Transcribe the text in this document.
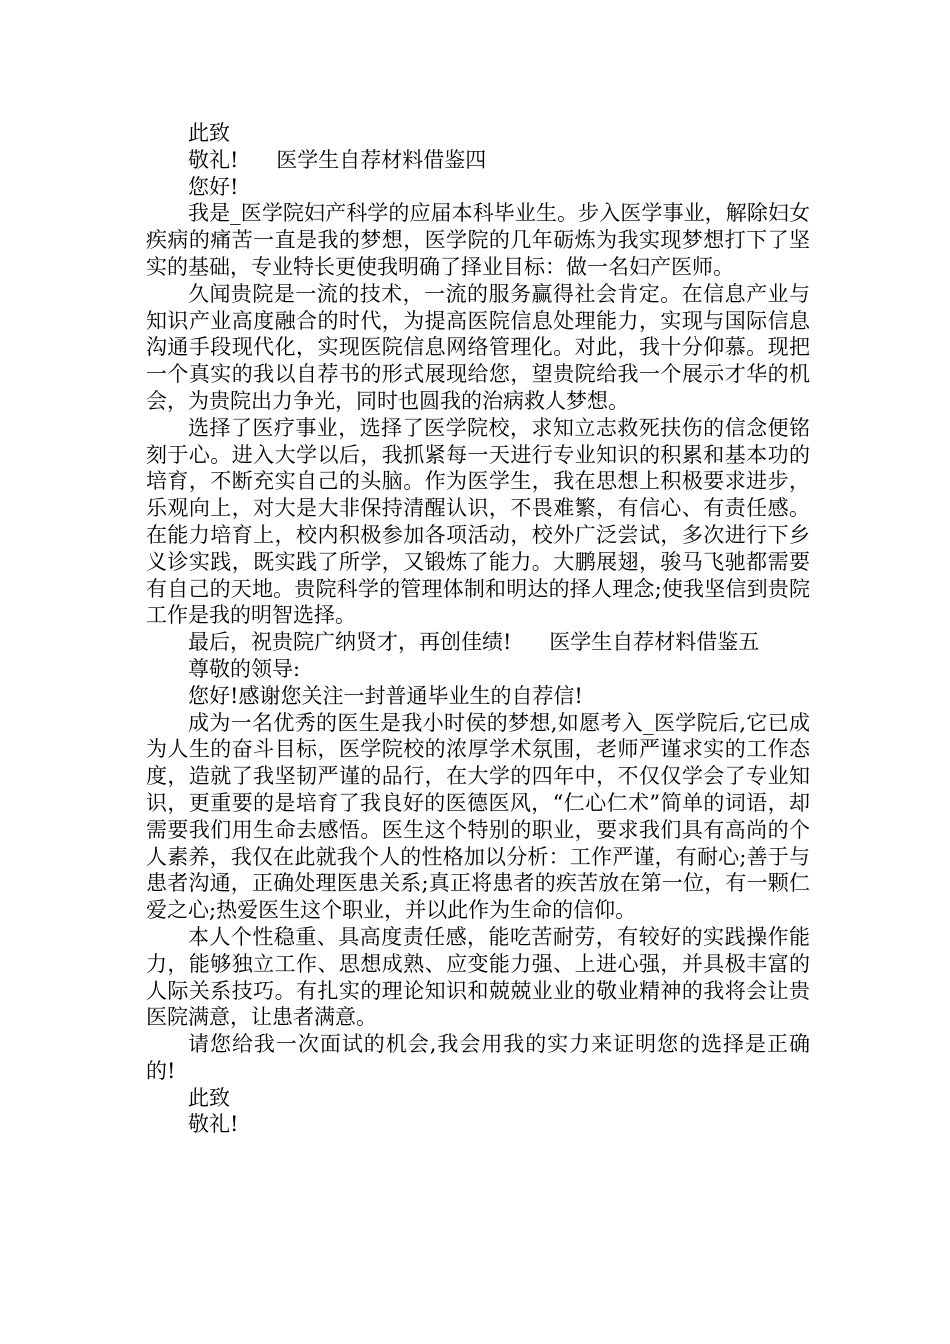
此致

敬礼! 医学生自荐材料借鉴四

您好!

我是_医学院妇产科学的应届本科毕业生。步入医学事业，解除妇女疾病的痛苦一直是我的梦想，医学院的几年砺炼为我实现梦想打下了坚实的基础，专业特长更使我明确了择业目标：做一名妇产医师。

久闻贵院是一流的技术，一流的服务赢得社会肯定。在信息产业与知识产业高度融合的时代，为提高医院信息处理能力，实现与国际信息沟通手段现代化，实现医院信息网络管理化。对此，我十分仰慕。现把一个真实的我以自荐书的形式展现给您，望贵院给我一个展示才华的机会，为贵院出力争光，同时也圆我的治病救人梦想。

选择了医疗事业，选择了医学院校，求知立志救死扶伤的信念便铭刻于心。进入大学以后，我抓紧每一天进行专业知识的积累和基本功的培育，不断充实自己的头脑。作为医学生，我在思想上积极要求进步，乐观向上，对大是大非保持清醒认识，不畏难繁，有信心、有责任感。在能力培育上，校内积极参加各项活动，校外广泛尝试，多次进行下乡义诊实践，既实践了所学，又锻炼了能力。大鹏展翅，骏马飞驰都需要有自己的天地。贵院科学的管理体制和明达的择人理念;使我坚信到贵院工作是我的明智选择。

最后，祝贵院广纳贤才，再创佳绩! 医学生自荐材料借鉴五

尊敬的领导:

您好!感谢您关注一封普通毕业生的自荐信!

成为一名优秀的医生是我小时侯的梦想,如愿考入_医学院后,它已成为人生的奋斗目标，医学院校的浓厚学术氛围，老师严谨求实的工作态度，造就了我坚韧严谨的品行，在大学的四年中，不仅仅学会了专业知识，更重要的是培育了我良好的医德医风，“仁心仁术”简单的词语，却需要我们用生命去感悟。医生这个特别的职业，要求我们具有高尚的个人素养，我仅在此就我个人的性格加以分析：工作严谨，有耐心;善于与患者沟通，正确处理医患关系;真正将患者的疾苦放在第一位，有一颗仁爱之心;热爱医生这个职业，并以此作为生命的信仰。

本人个性稳重、具高度责任感，能吃苦耐劳，有较好的实践操作能力，能够独立工作、思想成熟、应变能力强、上进心强，并具极丰富的人际关系技巧。有扎实的理论知识和兢兢业业的敬业精神的我将会让贵医院满意，让患者满意。

请您给我一次面试的机会,我会用我的实力来证明您的选择是正确的!

此致

敬礼!
